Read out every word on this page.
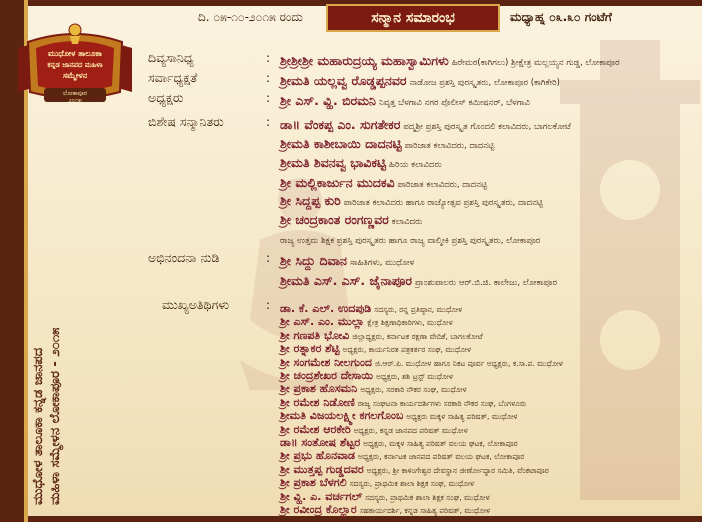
ಮುಧೋಳ ತಾಲೂಕಾ
ಕನ್ನಡ ಜಾನಪದ ಮಹಿಳಾ
ಸಮ್ಮೇಳನ
ಲೋಕಾಪೂರ
೨೦೧೫
ಮುಧೋಳ ತಾಲೂಕಾ ಕನ್ನಡ ಜಾನಪದ ಮಹಿಳಾ ಸಮ್ಮೇಳನ ಲೋಕಾಪೂರ - ೨೦೧೫
ದಿ. ೦೫-೧೦-೨೦೧೫ ರಂದು	ಸನ್ಮಾನ ಸಮಾರಂಭ	ಮಧ್ಯಾಹ್ನ ೦೩.೩೦ ಗಂಟೆಗೆ
ದಿವ್ಯಸಾನಿಧ್ಯ	: ಶ್ರೀಶ್ರೀಶ್ರೀ ಮಹಾರುದ್ರಯ್ಯ ಮಹಾಸ್ವಾಮಿಗಳು ಹಿರೇಮಠ(ಕಾಗಿಗಲು) ಶ್ರೀಕ್ಷೇತ್ರ ಮಲ್ಲಯ್ಯನ ಗುಡ್ಡ, ಲೋಕಾಪೂರ
ಸರ್ವಾಧ್ಯಕ್ಷತೆ	: ಶ್ರೀಮತಿ ಯಲ್ಲವ್ವ ರೊಡ್ಡಪ್ಪನವರ ನಾಡೋಜ ಪ್ರಶಸ್ತಿ ಪುರಸ್ಕೃತರು, ಲೋಕಾಪೂರ (ಕಾಗಿಕೇರಿ)
ಅಧ್ಯಕ್ಷರು	: ಶ್ರೀ ಎಸ್. ವ್ಹಿ. ಬಿರಮನಿ ನಿವೃತ್ತ ಬೆಳಗಾವಿ ನಗರ ಪೊಲೀಸ್ ಕಮೀಷನರ್, ಬೆಳಗಾವಿ
ಬಿಶೇಷ ಸನ್ಮಾನಿತರು	: ಡಾ॥ ವೆಂಕಪ್ಪ ಎಂ. ಸುಗತೇಕರ ಪದ್ಮಶ್ರೀ ಪ್ರಶಸ್ತಿ ಪುರಸ್ಕೃತ ಗೊಂದಲಿ ಕಲಾವಿದರು, ಬಾಗಲಕೋಟೆ
ಶ್ರೀಮತಿ ಕಾಶೀಬಾಯಿ ದಾದನಟ್ಟಿ ಪಾರಿಜಾತ ಕಲಾವಿದರು, ದಾದನಟ್ಟಿ
ಶ್ರೀಮತಿ ಶಿವನವ್ವ ಭಾವಿಕಟ್ಟಿ ಹಿರಿಯ ಕಲಾವಿದರು
ಶ್ರೀ ಮಲ್ಲಿಕಾರ್ಜುನ ಮುದಕವಿ ಪಾರಿಜಾತ ಕಲಾವಿದರು, ದಾದನಟ್ಟಿ
ಶ್ರೀ ಸಿದ್ದಪ್ಪ ಕುರಿ ಪಾರಿಜಾತ ಕಲಾವಿದರು ಹಾಗೂ ರಾಜ್ಯೋತ್ಸವ ಪ್ರಶಸ್ತಿ ಪುರಸ್ಕೃತರು, ದಾದನಟ್ಟಿ
ಶ್ರೀ ಚಂದ್ರಕಾಂತ ರಂಗಣ್ಣವರ ಕಲಾವಿದರು
ರಾಜ್ಯ ಉತ್ತಮ ಶಿಕ್ಷಕ ಪ್ರಶಸ್ತಿ ಪುರಸ್ಕೃತರು ಹಾಗೂ ರಾಜ್ಯ ವಾಲ್ಮೀಕಿ ಪ್ರಶಸ್ತಿ ಪುರಸ್ಕೃತರು, ಲೋಕಾಪೂರ
ಅಭಿನಂದನಾ ನುಡಿ	: ಶ್ರೀ ಸಿದ್ದು ದಿವಾನ ಸಾಹಿತಿಗಳು, ಮುಧೋಳ
ಶ್ರೀಮತಿ ಎಸ್. ಎಸ್. ಜೈನಾಪೂರ ಪ್ರಾಂಶುಪಾಲರು ಆರ್.ಬಿ.ಜಿ. ಕಾಲೇಜು, ಲೋಕಾಪೂರ
ಮುಖ್ಯಅತಿಥಿಗಳು	: ಡಾ. ಕೆ. ಎಲ್. ಉದಪುಡಿ ಸದಸ್ಯರು, ರನ್ನ ಪ್ರತಿಷ್ಠಾನ, ಮುಧೋಳ
ಶ್ರೀ ಎಸ್. ಎಂ. ಮುಲ್ಲಾ ಕ್ಷೇತ್ರ ಶಿಕ್ಷಣಾಧಿಕಾರಿಗಳು, ಮುಧೋಳ
ಶ್ರೀ ಗಣಪತಿ ಭೋವಿ ಜಿಲ್ಲಾಧ್ಯಕ್ಷರು, ಕರ್ನಾಟಕ ರಕ್ಷಣಾ ವೇದಿಕೆ, ಬಾಗಲಕೋಟೆ
ಶ್ರೀ ರತ್ನಾಕರ ಶೆಟ್ಟಿ ಅಧ್ಯಕ್ಷರು, ಕಾರ್ಯನಿರತ ಪತ್ರಕರ್ತರ ಸಂಘ, ಮುಧೋಳ
ಶ್ರೀ ಸಂಗಮೇಶ ನೀಲಗುಂದ ಜಿ.ಆರ್.ಪಿ. ಮುಧೋಳ ಹಾಗೂ ನಿಕಟ ಪೂರ್ವ ಅಧ್ಯಕ್ಷರು, ಕ.ಸಾ.ಪ. ಮುಧೋಳ
ಶ್ರೀ ಚಂದ್ರಶೇಖರ ದೇಸಾಯಿ ಅಧ್ಯಕ್ಷರು, ಶಶಿ ಟ್ರಸ್ಟ್ ಮುಧೋಳ
ಶ್ರೀ ಪ್ರಕಾಶ ಹೊಸಮನಿ ಅಧ್ಯಕ್ಷರು, ಸರಕಾರಿ ನೌಕರ ಸಂಘ, ಮುಧೋಳ
ಶ್ರೀ ರಮೇಶ ನಿಡೋಣಿ ರಾಜ್ಯ ಸಂಘಟನಾ ಕಾರ್ಯದರ್ಶಿಗಳು ಸರಕಾರಿ ನೌಕರ ಸಂಘ, ಬೆಂಗಳೂರು
ಶ್ರೀಮತಿ ವಿಜಯಲಕ್ಷ್ಮೀ ಕಗಲಗೊಂಬ ಅಧ್ಯಕ್ಷರು ಮಕ್ಕಳ ಸಾಹಿತ್ಯ ಪರಿಷತ್, ಮುಧೋಳ
ಶ್ರೀ ರಮೇಶ ಆರಕೇರಿ ಅಧ್ಯಕ್ಷರು, ಕನ್ನಡ ಜಾನಪದ ಪರಿಷತ್ ಮುಧೋಳ
ಡಾ॥ ಸಂತೋಷ ಶೆಟ್ಟರ ಅಧ್ಯಕ್ಷರು, ಮಕ್ಕಳ ಸಾಹಿತ್ಯ ಪರಿಷತ್ ವಲಯ ಘಟಕ, ಲೋಕಾಪೂರ
ಶ್ರೀ ಪ್ರಭು ಹೊನವಾಡ ಅಧ್ಯಕ್ಷರು, ಕರ್ನಾಟಕ ಜಾನಪದ ಪರಿಷತ್ ವಲಯ ಘಟಕ, ಲೋಕಾಪೂರ
ಶ್ರೀ ಮುತ್ತಪ್ಪ ಗುಡ್ಡದವರ ಅಧ್ಯಕ್ಷರು, ಶ್ರೀ ಕಾಳಿಂಗೇಶ್ವರ ದೇವಸ್ಥಾನ ಜೀರ್ಣೋದ್ಧಾರ ಸಮಿತಿ, ವೆಂಕಟಾಪೂರ
ಶ್ರೀ ಪ್ರಕಾಶ ಬೆಳಗಲಿ ಸದಸ್ಯರು, ಪ್ರಾಥಮಿಕ ಶಾಲಾ ಶಿಕ್ಷಕ ಸಂಘ, ಮುಧೋಳ
ಶ್ರೀ ವ್ಹಿ. ಎ. ವರ್ಚಗಲ್ ಸದಸ್ಯರು, ಪ್ರಾಥಮಿಕ ಶಾಲಾ ಶಿಕ್ಷಕ ಸಂಘ, ಮುಧೋಳ
ಶ್ರೀ ರವೀಂದ್ರ ಕೊಲ್ಹಾರ ಸಹಕಾರ್ಯದರ್ಶಿ, ಕನ್ನಡ ಸಾಹಿತ್ಯ ಪರಿಷತ್, ಮುಧೋಳ
